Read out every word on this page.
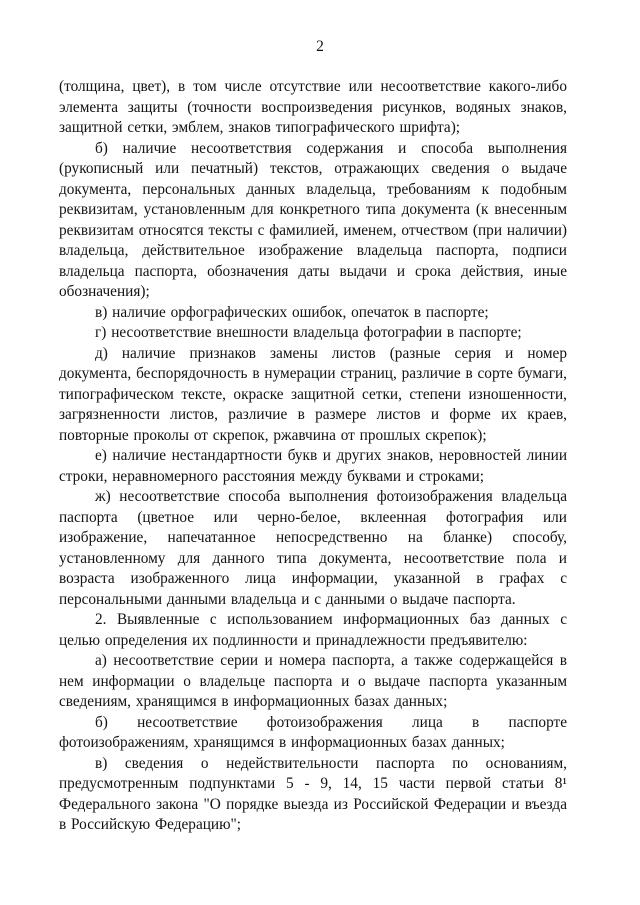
2

(толщина, цвет), в том числе отсутствие или несоответствие какого-либо элемента защиты (точности воспроизведения рисунков, водяных знаков, защитной сетки, эмблем, знаков типографического шрифта);

б) наличие несоответствия содержания и способа выполнения (рукописный или печатный) текстов, отражающих сведения о выдаче документа, персональных данных владельца, требованиям к подобным реквизитам, установленным для конкретного типа документа (к внесенным реквизитам относятся тексты с фамилией, именем, отчеством (при наличии) владельца, действительное изображение владельца паспорта, подписи владельца паспорта, обозначения даты выдачи и срока действия, иные обозначения);

в) наличие орфографических ошибок, опечаток в паспорте;

г) несоответствие внешности владельца фотографии в паспорте;

д) наличие признаков замены листов (разные серия и номер документа, беспорядочность в нумерации страниц, различие в сорте бумаги, типографическом тексте, окраске защитной сетки, степени изношенности, загрязненности листов, различие в размере листов и форме их краев, повторные проколы от скрепок, ржавчина от прошлых скрепок);

е) наличие нестандартности букв и других знаков, неровностей линии строки, неравномерного расстояния между буквами и строками;

ж) несоответствие способа выполнения фотоизображения владельца паспорта (цветное или черно-белое, вклеенная фотография или изображение, напечатанное непосредственно на бланке) способу, установленному для данного типа документа, несоответствие пола и возраста изображенного лица информации, указанной в графах с персональными данными владельца и с данными о выдаче паспорта.

2. Выявленные с использованием информационных баз данных с целью определения их подлинности и принадлежности предъявителю:

а) несоответствие серии и номера паспорта, а также содержащейся в нем информации о владельце паспорта и о выдаче паспорта указанным сведениям, хранящимся в информационных базах данных;

б) несоответствие фотоизображения лица в паспорте фотоизображениям, хранящимся в информационных базах данных;

в) сведения о недействительности паспорта по основаниям, предусмотренным подпунктами 5 - 9, 14, 15 части первой статьи 8¹ Федерального закона "О порядке выезда из Российской Федерации и въезда в Российскую Федерацию";
